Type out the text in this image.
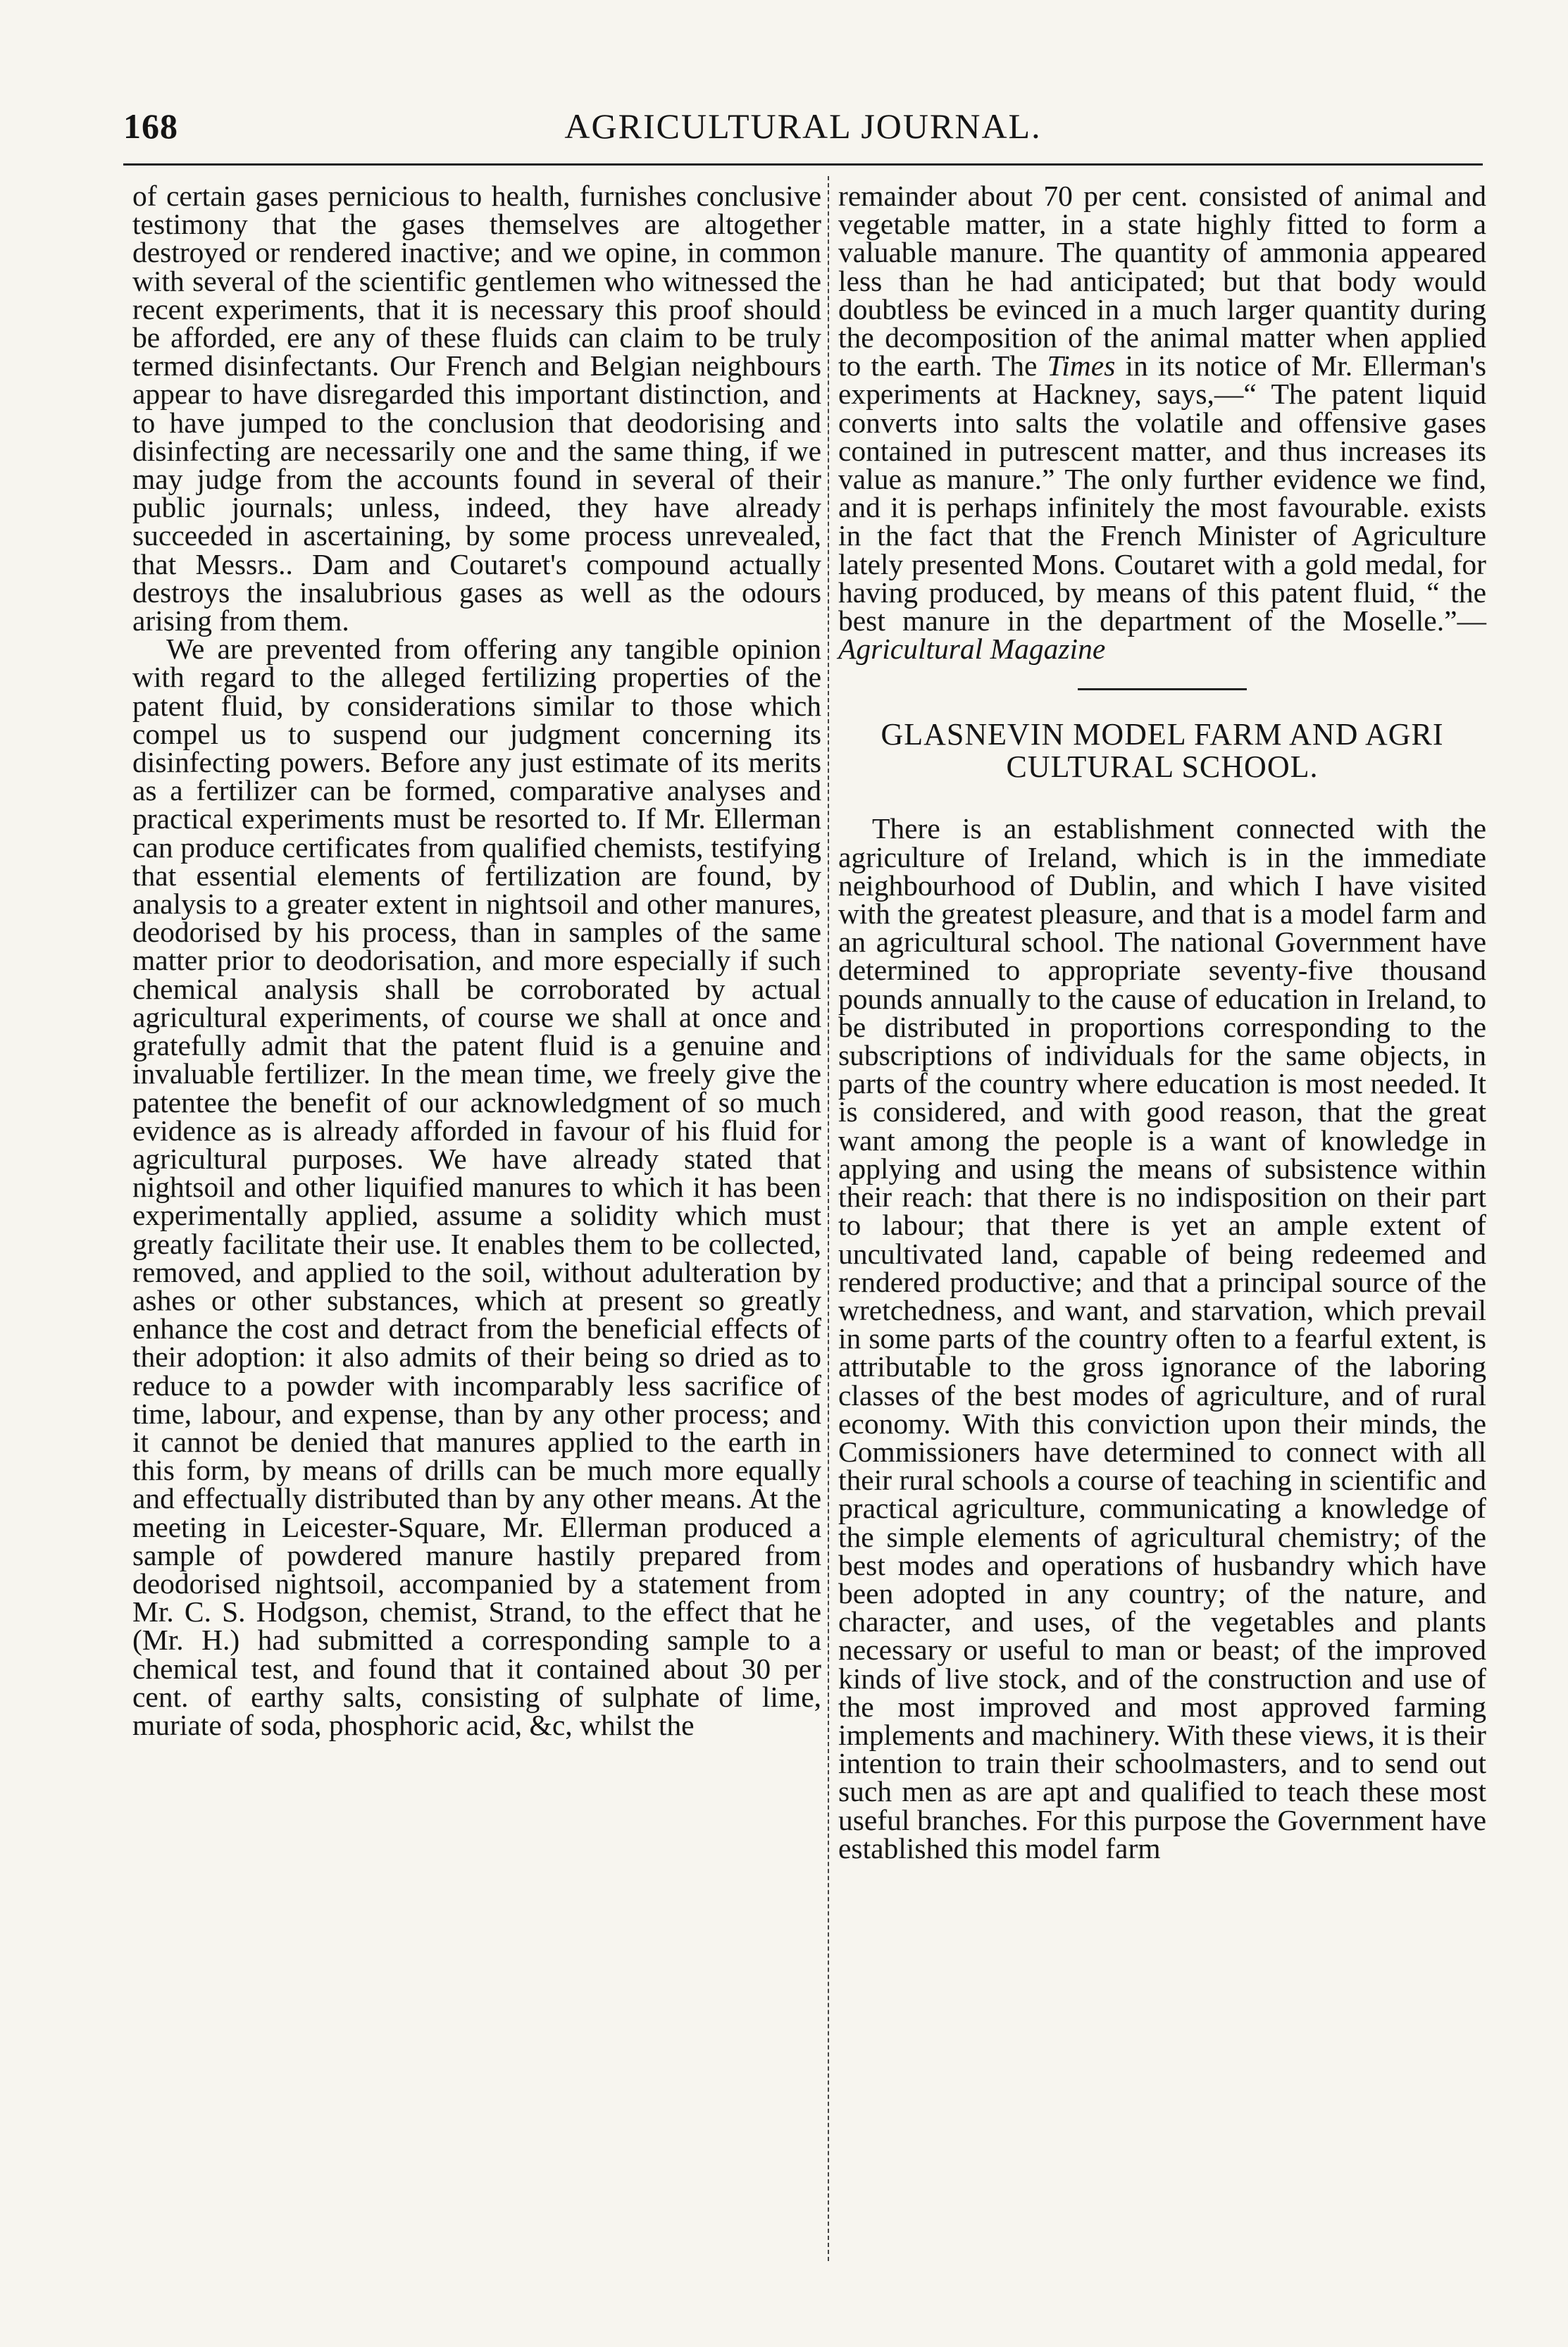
168	AGRICULTURAL JOURNAL.

of certain gases pernicious to health, furnishes conclusive testimony that the gases themselves are altogether destroyed or rendered inactive; and we opine, in common with several of the scientific gentlemen who witnessed the recent experiments, that it is necessary this proof should be afforded, ere any of these fluids can claim to be truly termed disinfectants. Our French and Belgian neighbours appear to have disregarded this important distinction, and to have jumped to the conclusion that deodorising and disinfecting are necessarily one and the same thing, if we may judge from the accounts found in several of their public journals; unless, indeed, they have already succeeded in ascertaining, by some process unrevealed, that Messrs.. Dam and Coutaret's compound actually destroys the insalubrious gases as well as the odours arising from them.

We are prevented from offering any tangible opinion with regard to the alleged fertilizing properties of the patent fluid, by considerations similar to those which compel us to suspend our judgment concerning its disinfecting powers. Before any just estimate of its merits as a fertilizer can be formed, comparative analyses and practical experiments must be resorted to. If Mr. Ellerman can produce certificates from qualified chemists, testifying that essential elements of fertilization are found, by analysis to a greater extent in nightsoil and other manures, deodorised by his process, than in samples of the same matter prior to deodorisation, and more especially if such chemical analysis shall be corroborated by actual agricultural experiments, of course we shall at once and gratefully admit that the patent fluid is a genuine and invaluable fertilizer. In the mean time, we freely give the patentee the benefit of our acknowledgment of so much evidence as is already afforded in favour of his fluid for agricultural purposes. We have already stated that nightsoil and other liquified manures to which it has been experimentally applied, assume a solidity which must greatly facilitate their use. It enables them to be collected, removed, and applied to the soil, without adulteration by ashes or other substances, which at present so greatly enhance the cost and detract from the beneficial effects of their adoption: it also admits of their being so dried as to reduce to a powder with incomparably less sacrifice of time, labour, and expense, than by any other process; and it cannot be denied that manures applied to the earth in this form, by means of drills can be much more equally and effectually distributed than by any other means. At the meeting in Leicester-Square, Mr. Ellerman produced a sample of powdered manure hastily prepared from deodorised nightsoil, accompanied by a statement from Mr. C. S. Hodgson, chemist, Strand, to the effect that he (Mr. H.) had submitted a corresponding sample to a chemical test, and found that it contained about 30 per cent. of earthy salts, consisting of sulphate of lime, muriate of soda, phosphoric acid, &c, whilst the

remainder about 70 per cent. consisted of animal and vegetable matter, in a state highly fitted to form a valuable manure. The quantity of ammonia appeared less than he had anticipated; but that body would doubtless be evinced in a much larger quantity during the decomposition of the animal matter when applied to the earth. The Times in its notice of Mr. Ellerman's experiments at Hackney, says,—“ The patent liquid converts into salts the volatile and offensive gases contained in putrescent matter, and thus increases its value as manure.” The only further evidence we find, and it is perhaps infinitely the most favourable. exists in the fact that the French Minister of Agriculture lately presented Mons. Coutaret with a gold medal, for having produced, by means of this patent fluid, “ the best manure in the department of the Moselle.”—Agricultural Magazine

GLASNEVIN MODEL FARM AND AGRI
CULTURAL SCHOOL.

There is an establishment connected with the agriculture of Ireland, which is in the immediate neighbourhood of Dublin, and which I have visited with the greatest pleasure, and that is a model farm and an agricultural school. The national Government have determined to appropriate seventy-five thousand pounds annually to the cause of education in Ireland, to be distributed in proportions corresponding to the subscriptions of individuals for the same objects, in parts of the country where education is most needed. It is considered, and with good reason, that the great want among the people is a want of knowledge in applying and using the means of subsistence within their reach: that there is no indisposition on their part to labour; that there is yet an ample extent of uncultivated land, capable of being redeemed and rendered productive; and that a principal source of the wretchedness, and want, and starvation, which prevail in some parts of the country often to a fearful extent, is attributable to the gross ignorance of the laboring classes of the best modes of agriculture, and of rural economy. With this conviction upon their minds, the Commissioners have determined to connect with all their rural schools a course of teaching in scientific and practical agriculture, communicating a knowledge of the simple elements of agricultural chemistry; of the best modes and operations of husbandry which have been adopted in any country; of the nature, and character, and uses, of the vegetables and plants necessary or useful to man or beast; of the improved kinds of live stock, and of the construction and use of the most improved and most approved farming implements and machinery. With these views, it is their intention to train their schoolmasters, and to send out such men as are apt and qualified to teach these most useful branches. For this purpose the Government have established this model farm
